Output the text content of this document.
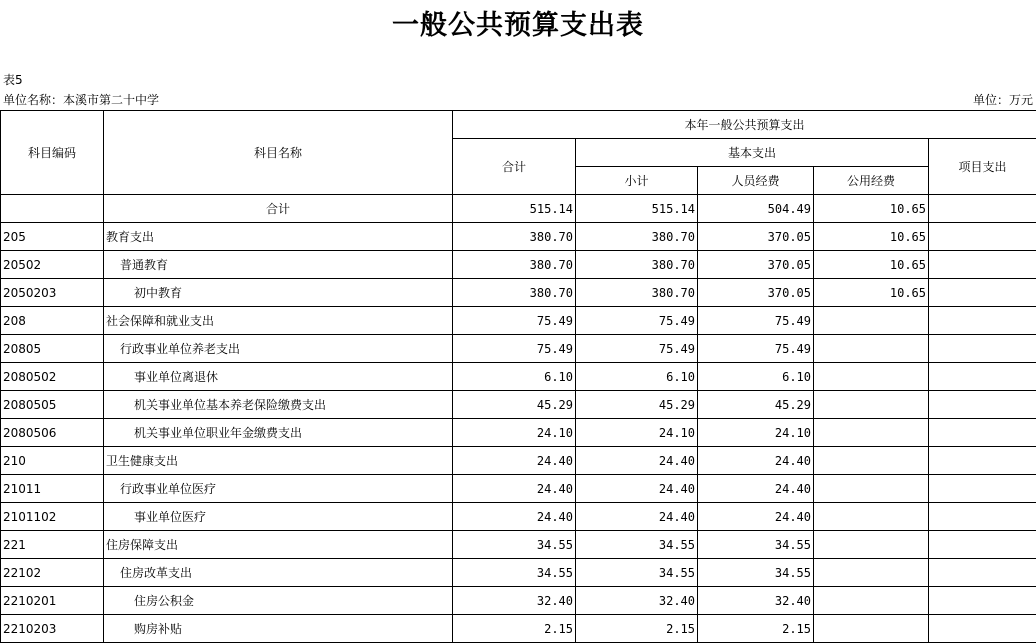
一般公共预算支出表
表5
单位名称：本溪市第二十中学	单位：万元
科目编码	科目名称	本年一般公共预算支出				
		合计	基本支出			项目支出
			小计	人员经费	公用经费	
	合计	515.14	515.14	504.49	10.65	
205	教育支出	380.70	380.70	370.05	10.65	
20502	普通教育	380.70	380.70	370.05	10.65	
2050203	初中教育	380.70	380.70	370.05	10.65	
208	社会保障和就业支出	75.49	75.49	75.49		
20805	行政事业单位养老支出	75.49	75.49	75.49		
2080502	事业单位离退休	6.10	6.10	6.10		
2080505	机关事业单位基本养老保险缴费支出	45.29	45.29	45.29		
2080506	机关事业单位职业年金缴费支出	24.10	24.10	24.10		
210	卫生健康支出	24.40	24.40	24.40		
21011	行政事业单位医疗	24.40	24.40	24.40		
2101102	事业单位医疗	24.40	24.40	24.40		
221	住房保障支出	34.55	34.55	34.55		
22102	住房改革支出	34.55	34.55	34.55		
2210201	住房公积金	32.40	32.40	32.40		
2210203	购房补贴	2.15	2.15	2.15		
